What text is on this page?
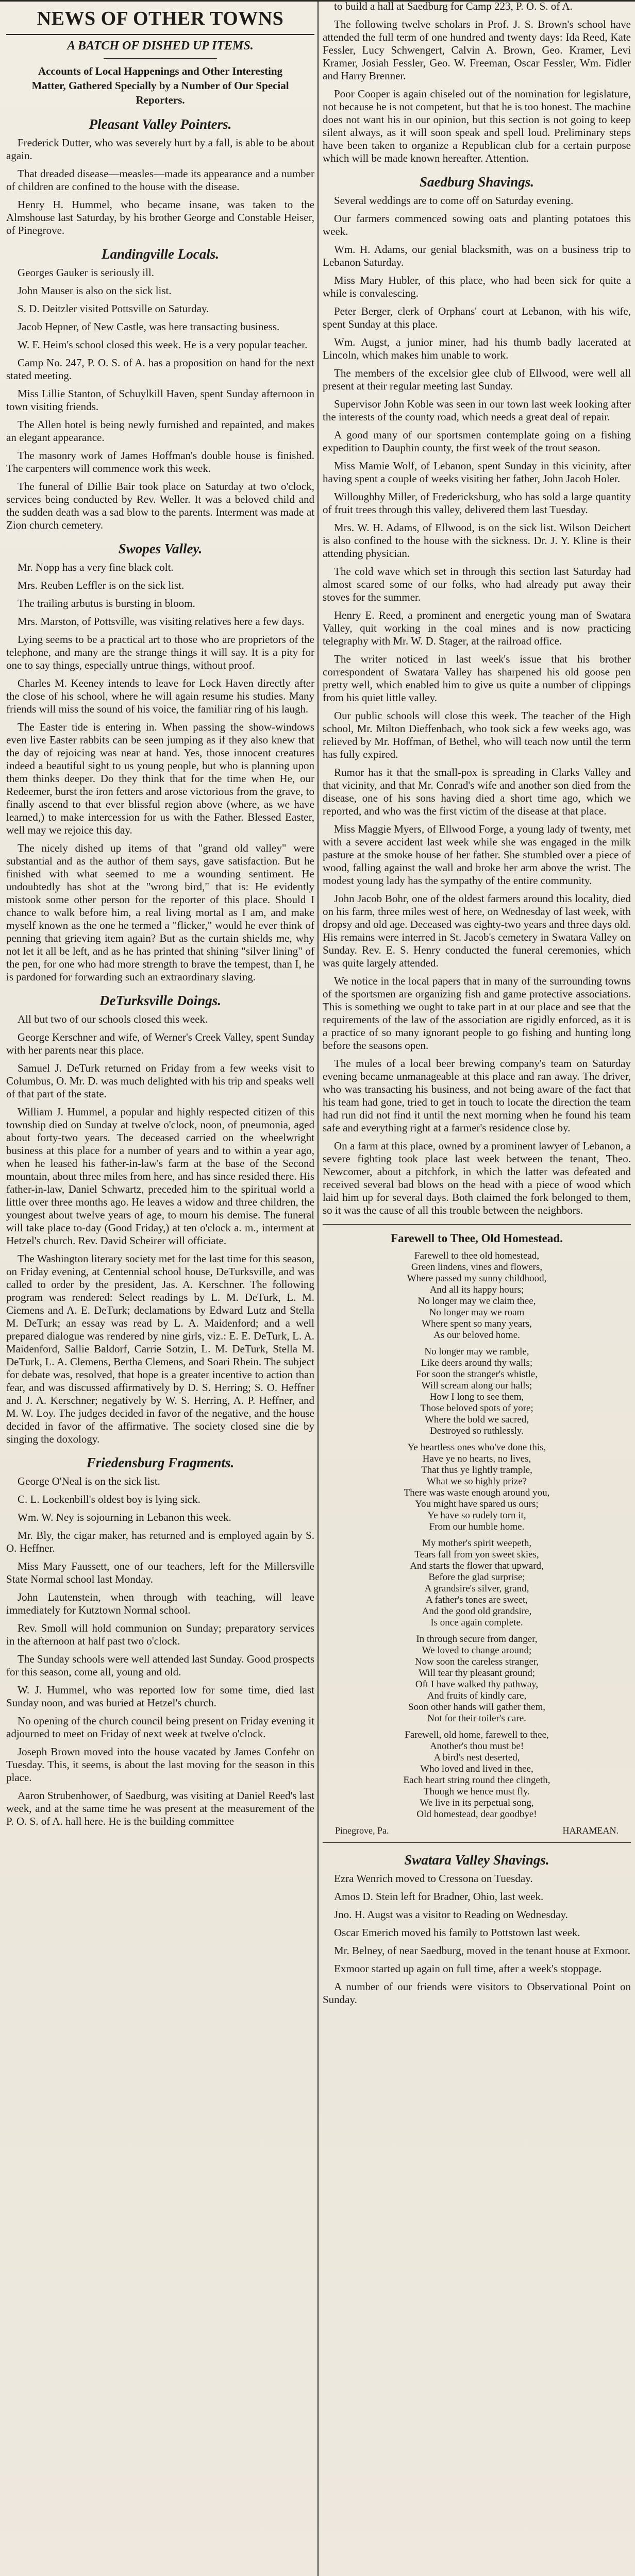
NEWS OF OTHER TOWNS
A BATCH OF DISHED UP ITEMS.
Accounts of Local Happenings and Other Interesting Matter, Gathered Specially by a Number of Our Special Reporters.
Pleasant Valley Pointers.

Frederick Dutter, who was severely hurt by a fall, is able to be about again.

That dreaded disease—measles—made its appearance and a number of children are confined to the house with the disease.

Henry H. Hummel, who became insane, was taken to the Almshouse last Saturday, by his brother George and Constable Heiser, of Pinegrove.

Landingville Locals.

Georges Gauker is seriously ill.

John Mauser is also on the sick list.

S. D. Deitzler visited Pottsville on Saturday.

Jacob Hepner, of New Castle, was here transacting business.

W. F. Heim's school closed this week. He is a very popular teacher.

Camp No. 247, P. O. S. of A. has a proposition on hand for the next stated meeting.

Miss Lillie Stanton, of Schuylkill Haven, spent Sunday afternoon in town visiting friends.

The Allen hotel is being newly furnished and repainted, and makes an elegant appearance.

The masonry work of James Hoffman's double house is finished. The carpenters will commence work this week.

The funeral of Dillie Bair took place on Saturday at two o'clock, services being conducted by Rev. Weller. It was a beloved child and the sudden death was a sad blow to the parents. Interment was made at Zion church cemetery.

Swopes Valley.

Mr. Nopp has a very fine black colt.

Mrs. Reuben Leffler is on the sick list.

The trailing arbutus is bursting in bloom.

Mrs. Marston, of Pottsville, was visiting relatives here a few days.

Lying seems to be a practical art to those who are proprietors of the telephone, and many are the strange things it will say. It is a pity for one to say things, especially untrue things, without proof.

Charles M. Keeney intends to leave for Lock Haven directly after the close of his school, where he will again resume his studies. Many friends will miss the sound of his voice, the familiar ring of his laugh.

The Easter tide is entering in. When passing the show-windows even live Easter rabbits can be seen jumping as if they also knew that the day of rejoicing was near at hand. Yes, those innocent creatures indeed a beautiful sight to us young people, but who is planning upon them thinks deeper. Do they think that for the time when He, our Redeemer, burst the iron fetters and arose victorious from the grave, to finally ascend to that ever blissful region above (where, as we have learned,) to make intercession for us with the Father. Blessed Easter, well may we rejoice this day.

The nicely dished up items of that "grand old valley" were substantial and as the author of them says, gave satisfaction. But he finished with what seemed to me a wounding sentiment. He undoubtedly has shot at the "wrong bird," that is: He evidently mistook some other person for the reporter of this place. Should I chance to walk before him, a real living mortal as I am, and make myself known as the one he termed a "flicker," would he ever think of penning that grieving item again? But as the curtain shields me, why not let it all be left, and as he has printed that shining "silver lining" of the pen, for one who had more strength to brave the tempest, than I, he is pardoned for forwarding such an extraordinary slaving.

DeTurksville Doings.

All but two of our schools closed this week.

George Kerschner and wife, of Werner's Creek Valley, spent Sunday with her parents near this place.

Samuel J. DeTurk returned on Friday from a few weeks visit to Columbus, O. Mr. D. was much delighted with his trip and speaks well of that part of the state.

William J. Hummel, a popular and highly respected citizen of this township died on Sunday at twelve o'clock, noon, of pneumonia, aged about forty-two years. The deceased carried on the wheelwright business at this place for a number of years and to within a year ago, when he leased his father-in-law's farm at the base of the Second mountain, about three miles from here, and has since resided there. His father-in-law, Daniel Schwartz, preceded him to the spiritual world a little over three months ago. He leaves a widow and three children, the youngest about twelve years of age, to mourn his demise. The funeral will take place to-day (Good Friday,) at ten o'clock a. m., interment at Hetzel's church. Rev. David Scheirer will officiate.

The Washington literary society met for the last time for this season, on Friday evening, at Centennial school house, DeTurksville, and was called to order by the president, Jas. A. Kerschner. The following program was rendered: Select readings by L. M. DeTurk, L. M. Ciemens and A. E. DeTurk; declamations by Edward Lutz and Stella M. DeTurk; an essay was read by L. A. Maidenford; and a well prepared dialogue was rendered by nine girls, viz.: E. E. DeTurk, L. A. Maidenford, Sallie Baldorf, Carrie Sotzin, L. M. DeTurk, Stella M. DeTurk, L. A. Clemens, Bertha Clemens, and Soari Rhein. The subject for debate was, resolved, that hope is a greater incentive to action than fear, and was discussed affirmatively by D. S. Herring; S. O. Heffner and J. A. Kerschner; negatively by W. S. Herring, A. P. Heffner, and M. W. Loy. The judges decided in favor of the negative, and the house decided in favor of the affirmative. The society closed sine die by singing the doxology.

Friedensburg Fragments.

George O'Neal is on the sick list.

C. L. Lockenbill's oldest boy is lying sick.

Wm. W. Ney is sojourning in Lebanon this week.

Mr. Bly, the cigar maker, has returned and is employed again by S. O. Heffner.

Miss Mary Faussett, one of our teachers, left for the Millersville State Normal school last Monday.

John Lautenstein, when through with teaching, will leave immediately for Kutztown Normal school.

Rev. Smoll will hold communion on Sunday; preparatory services in the afternoon at half past two o'clock.

The Sunday schools were well attended last Sunday. Good prospects for this season, come all, young and old.

W. J. Hummel, who was reported low for some time, died last Sunday noon, and was buried at Hetzel's church.

No opening of the church council being present on Friday evening it adjourned to meet on Friday of next week at twelve o'clock.

Joseph Brown moved into the house vacated by James Confehr on Tuesday. This, it seems, is about the last moving for the season in this place.

Aaron Strubenhower, of Saedburg, was visiting at Daniel Reed's last week, and at the same time he was present at the measurement of the P. O. S. of A. hall here. He is the building committee

to build a hall at Saedburg for Camp 223, P. O. S. of A.

The following twelve scholars in Prof. J. S. Brown's school have attended the full term of one hundred and twenty days: Ida Reed, Kate Fessler, Lucy Schwengert, Calvin A. Brown, Geo. Kramer, Levi Kramer, Josiah Fessler, Geo. W. Freeman, Oscar Fessler, Wm. Fidler and Harry Brenner.

Poor Cooper is again chiseled out of the nomination for legislature, not because he is not competent, but that he is too honest. The machine does not want his in our opinion, but this section is not going to keep silent always, as it will soon speak and spell loud. Preliminary steps have been taken to organize a Republican club for a certain purpose which will be made known hereafter. Attention.

Saedburg Shavings.

Several weddings are to come off on Saturday evening.

Our farmers commenced sowing oats and planting potatoes this week.

Wm. H. Adams, our genial blacksmith, was on a business trip to Lebanon Saturday.

Miss Mary Hubler, of this place, who had been sick for quite a while is convalescing.

Peter Berger, clerk of Orphans' court at Lebanon, with his wife, spent Sunday at this place.

Wm. Augst, a junior miner, had his thumb badly lacerated at Lincoln, which makes him unable to work.

The members of the excelsior glee club of Ellwood, were well all present at their regular meeting last Sunday.

Supervisor John Koble was seen in our town last week looking after the interests of the county road, which needs a great deal of repair.

A good many of our sportsmen contemplate going on a fishing expedition to Dauphin county, the first week of the trout season.

Miss Mamie Wolf, of Lebanon, spent Sunday in this vicinity, after having spent a couple of weeks visiting her father, John Jacob Holer.

Willoughby Miller, of Fredericksburg, who has sold a large quantity of fruit trees through this valley, delivered them last Tuesday.

Mrs. W. H. Adams, of Ellwood, is on the sick list. Wilson Deichert is also confined to the house with the sickness. Dr. J. Y. Kline is their attending physician.

The cold wave which set in through this section last Saturday had almost scared some of our folks, who had already put away their stoves for the summer.

Henry E. Reed, a prominent and energetic young man of Swatara Valley, quit working in the coal mines and is now practicing telegraphy with Mr. W. D. Stager, at the railroad office.

The writer noticed in last week's issue that his brother correspondent of Swatara Valley has sharpened his old goose pen pretty well, which enabled him to give us quite a number of clippings from his quiet little valley.

Our public schools will close this week. The teacher of the High school, Mr. Milton Dieffenbach, who took sick a few weeks ago, was relieved by Mr. Hoffman, of Bethel, who will teach now until the term has fully expired.

Rumor has it that the small-pox is spreading in Clarks Valley and that vicinity, and that Mr. Conrad's wife and another son died from the disease, one of his sons having died a short time ago, which we reported, and who was the first victim of the disease at that place.

Miss Maggie Myers, of Ellwood Forge, a young lady of twenty, met with a severe accident last week while she was engaged in the milk pasture at the smoke house of her father. She stumbled over a piece of wood, falling against the wall and broke her arm above the wrist. The modest young lady has the sympathy of the entire community.

John Jacob Bohr, one of the oldest farmers around this locality, died on his farm, three miles west of here, on Wednesday of last week, with dropsy and old age. Deceased was eighty-two years and three days old. His remains were interred in St. Jacob's cemetery in Swatara Valley on Sunday. Rev. E. S. Henry conducted the funeral ceremonies, which was quite largely attended.

We notice in the local papers that in many of the surrounding towns of the sportsmen are organizing fish and game protective associations. This is something we ought to take part in at our place and see that the requirements of the law of the association are rigidly enforced, as it is a practice of so many ignorant people to go fishing and hunting long before the seasons open.

The mules of a local beer brewing company's team on Saturday evening became unmanageable at this place and ran away. The driver, who was transacting his business, and not being aware of the fact that his team had gone, tried to get in touch to locate the direction the team had run did not find it until the next morning when he found his team safe and everything right at a farmer's residence close by.

On a farm at this place, owned by a prominent lawyer of Lebanon, a severe fighting took place last week between the tenant, Theo. Newcomer, about a pitchfork, in which the latter was defeated and received several bad blows on the head with a piece of wood which laid him up for several days. Both claimed the fork belonged to them, so it was the cause of all this trouble between the neighbors.

Farewell to Thee, Old Homestead.
Farewell to thee old homestead,
Green lindens, vines and flowers,
Where passed my sunny childhood,
And all its happy hours;
No longer may we claim thee,
No longer may we roam
Where spent so many years,
As our beloved home.
No longer may we ramble,
Like deers around thy walls;
For soon the stranger's whistle,
Will scream along our halls;
How I long to see them,
Those beloved spots of yore;
Where the bold we sacred,
Destroyed so ruthlessly.
Ye heartless ones who've done this,
Have ye no hearts, no lives,
That thus ye lightly trample,
What we so highly prize?
There was waste enough around you,
You might have spared us ours;
Ye have so rudely torn it,
From our humble home.
My mother's spirit weepeth,
Tears fall from yon sweet skies,
And starts the flower that upward,
Before the glad surprise;
A grandsire's silver, grand,
A father's tones are sweet,
And the good old grandsire,
Is once again complete.
In through secure from danger,
We loved to change around;
Now soon the careless stranger,
Will tear thy pleasant ground;
Oft I have walked thy pathway,
And fruits of kindly care,
Soon other hands will gather them,
Not for their toiler's care.
Farewell, old home, farewell to thee,
Another's thou must be!
A bird's nest deserted,
Who loved and lived in thee,
Each heart string round thee clingeth,
Though we hence must fly.
We live in its perpetual song,
Old homestead, dear goodbye!
Pinegrove, Pa.	HARAMEAN.
Swatara Valley Shavings.

Ezra Wenrich moved to Cressona on Tuesday.

Amos D. Stein left for Bradner, Ohio, last week.

Jno. H. Augst was a visitor to Reading on Wednesday.

Oscar Emerich moved his family to Pottstown last week.

Mr. Belney, of near Saedburg, moved in the tenant house at Exmoor.

Exmoor started up again on full time, after a week's stoppage.

A number of our friends were visitors to Observational Point on Sunday.
